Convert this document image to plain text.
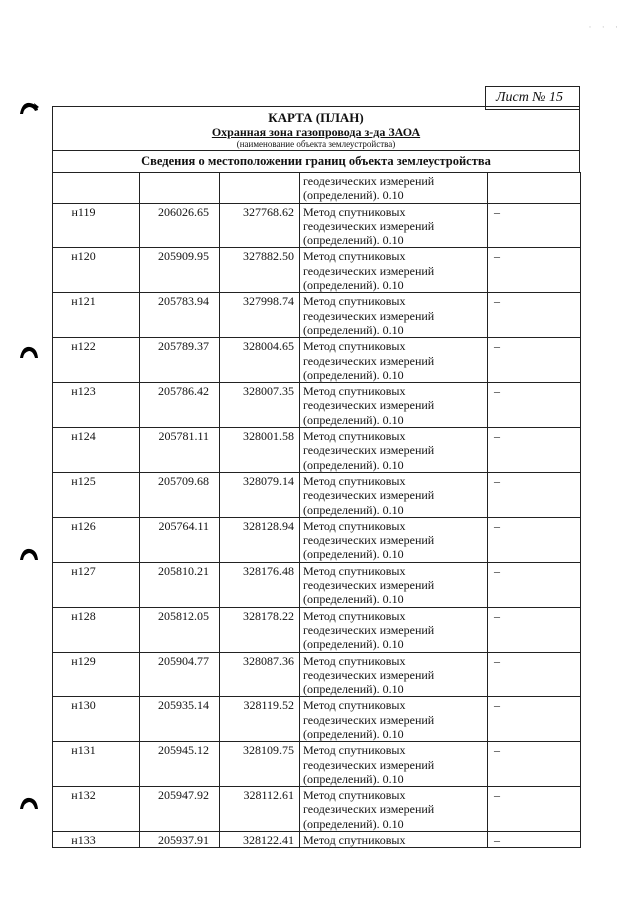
· · ·
Лист № 15
КАРТА (ПЛАН)
Охранная зона газопровода з-да ЗАОА
(наименование объекта землеустройства)
Сведения о местоположении границ объекта землеустройства

			геодезических измерений
(определений). 0.10	

н119	206026.65	327768.62	Метод спутниковых
геодезических измерений
(определений). 0.10	–
н120	205909.95	327882.50	Метод спутниковых
геодезических измерений
(определений). 0.10	–
н121	205783.94	327998.74	Метод спутниковых
геодезических измерений
(определений). 0.10	–
н122	205789.37	328004.65	Метод спутниковых
геодезических измерений
(определений). 0.10	–
н123	205786.42	328007.35	Метод спутниковых
геодезических измерений
(определений). 0.10	–
н124	205781.11	328001.58	Метод спутниковых
геодезических измерений
(определений). 0.10	–
н125	205709.68	328079.14	Метод спутниковых
геодезических измерений
(определений). 0.10	–
н126	205764.11	328128.94	Метод спутниковых
геодезических измерений
(определений). 0.10	–
н127	205810.21	328176.48	Метод спутниковых
геодезических измерений
(определений). 0.10	–
н128	205812.05	328178.22	Метод спутниковых
геодезических измерений
(определений). 0.10	–
н129	205904.77	328087.36	Метод спутниковых
геодезических измерений
(определений). 0.10	–
н130	205935.14	328119.52	Метод спутниковых
геодезических измерений
(определений). 0.10	–
н131	205945.12	328109.75	Метод спутниковых
геодезических измерений
(определений). 0.10	–
н132	205947.92	328112.61	Метод спутниковых
геодезических измерений
(определений). 0.10	–
н133	205937.91	328122.41	Метод спутниковых	–
